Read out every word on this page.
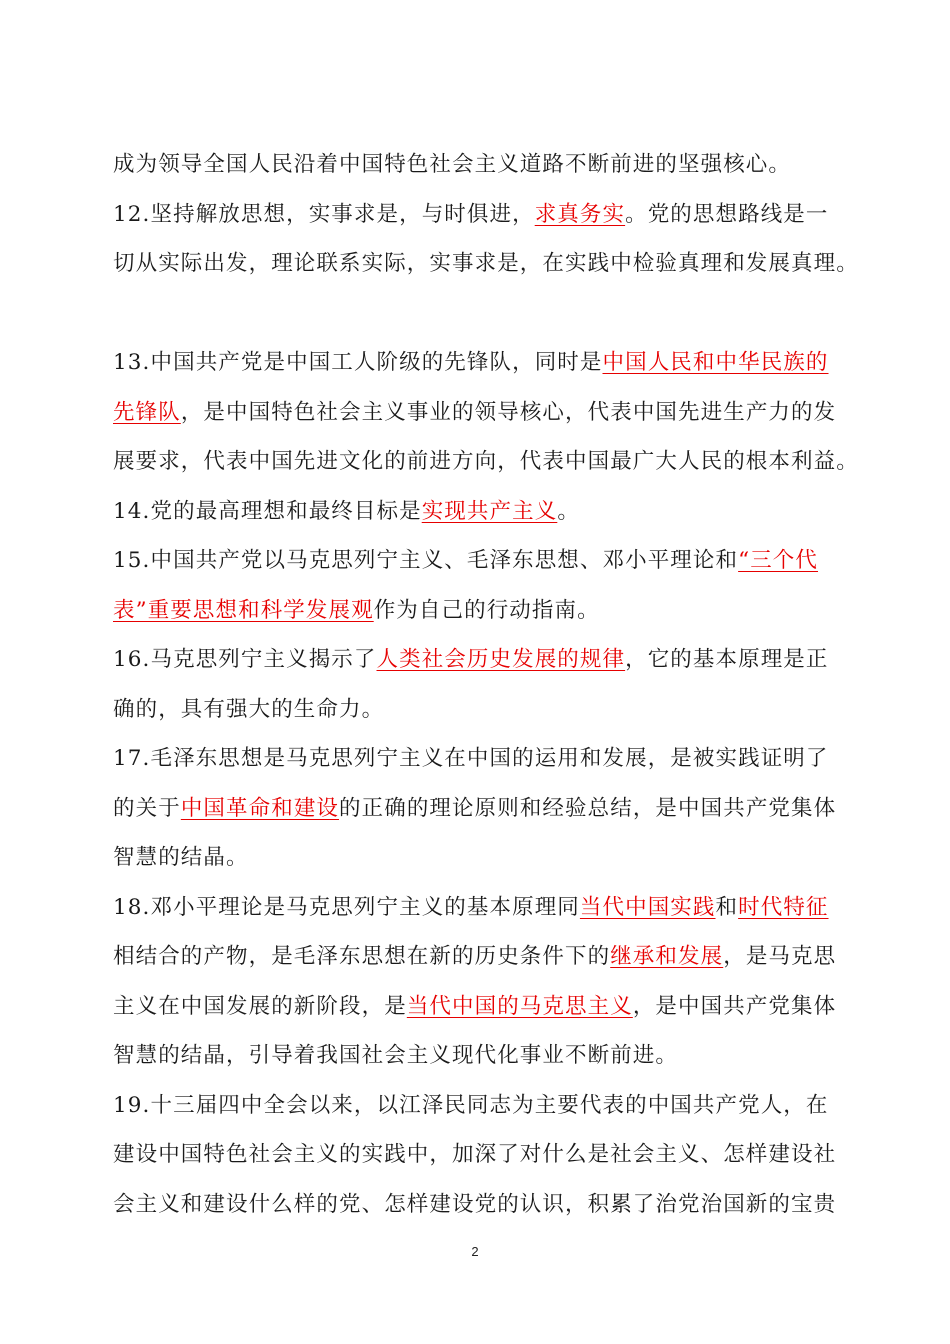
成为领导全国人民沿着中国特色社会主义道路不断前进的坚强核心。
12.坚持解放思想，实事求是，与时俱进，求真务实。党的思想路线是一
切从实际出发，理论联系实际，实事求是，在实践中检验真理和发展真理。
13.中国共产党是中国工人阶级的先锋队，同时是中国人民和中华民族的
先锋队，是中国特色社会主义事业的领导核心，代表中国先进生产力的发
展要求，代表中国先进文化的前进方向，代表中国最广大人民的根本利益。
14.党的最高理想和最终目标是实现共产主义。
15.中国共产党以马克思列宁主义、毛泽东思想、邓小平理论和“三个代
表”重要思想和科学发展观作为自己的行动指南。
16.马克思列宁主义揭示了人类社会历史发展的规律，它的基本原理是正
确的，具有强大的生命力。
17.毛泽东思想是马克思列宁主义在中国的运用和发展，是被实践证明了
的关于中国革命和建设的正确的理论原则和经验总结，是中国共产党集体
智慧的结晶。
18.邓小平理论是马克思列宁主义的基本原理同当代中国实践和时代特征
相结合的产物，是毛泽东思想在新的历史条件下的继承和发展，是马克思
主义在中国发展的新阶段，是当代中国的马克思主义，是中国共产党集体
智慧的结晶，引导着我国社会主义现代化事业不断前进。
19.十三届四中全会以来，以江泽民同志为主要代表的中国共产党人，在
建设中国特色社会主义的实践中，加深了对什么是社会主义、怎样建设社
会主义和建设什么样的党、怎样建设党的认识，积累了治党治国新的宝贵
2
